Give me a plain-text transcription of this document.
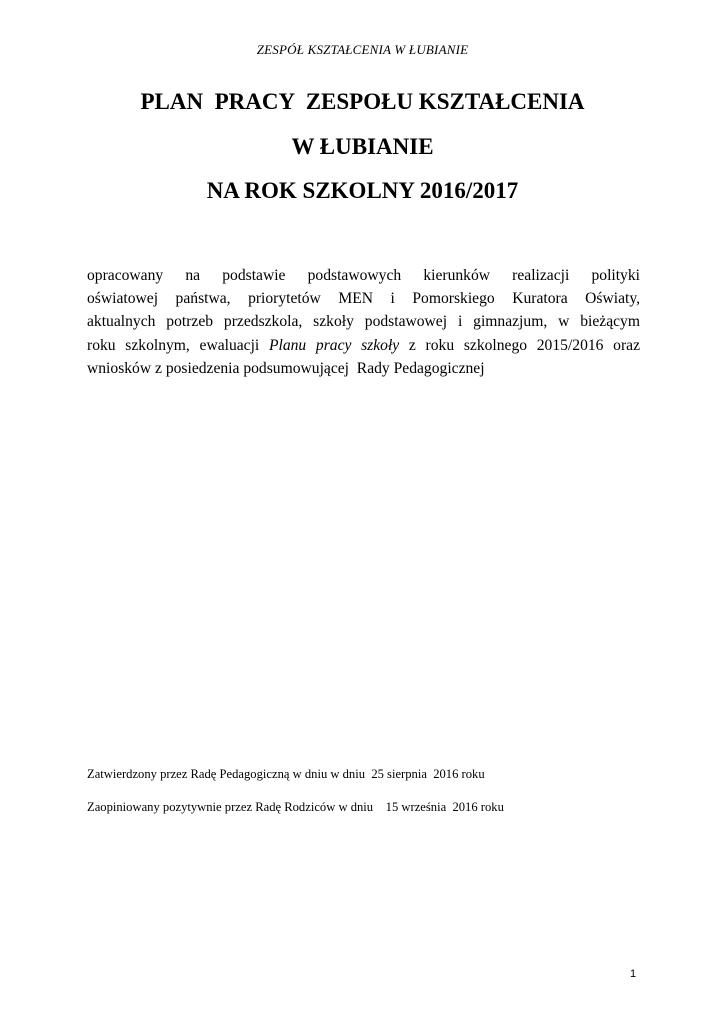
ZESPÓŁ KSZTAŁCENIA W ŁUBIANIE
PLAN  PRACY  ZESPOŁU KSZTAŁCENIA
W ŁUBIANIE
NA ROK SZKOLNY 2016/2017
opracowany na podstawie podstawowych kierunków realizacji polityki
oświatowej państwa, priorytetów MEN i Pomorskiego Kuratora Oświaty,
aktualnych potrzeb przedszkola, szkoły podstawowej i gimnazjum, w bieżącym
roku szkolnym, ewaluacji Planu pracy szkoły z roku szkolnego 2015/2016 oraz
wniosków z posiedzenia podsumowującej  Rady Pedagogicznej
Zatwierdzony przez Radę Pedagogiczną w dniu w dniu  25 sierpnia  2016 roku
Zaopiniowany pozytywnie przez Radę Rodziców w dniu    15 września  2016 roku
1
